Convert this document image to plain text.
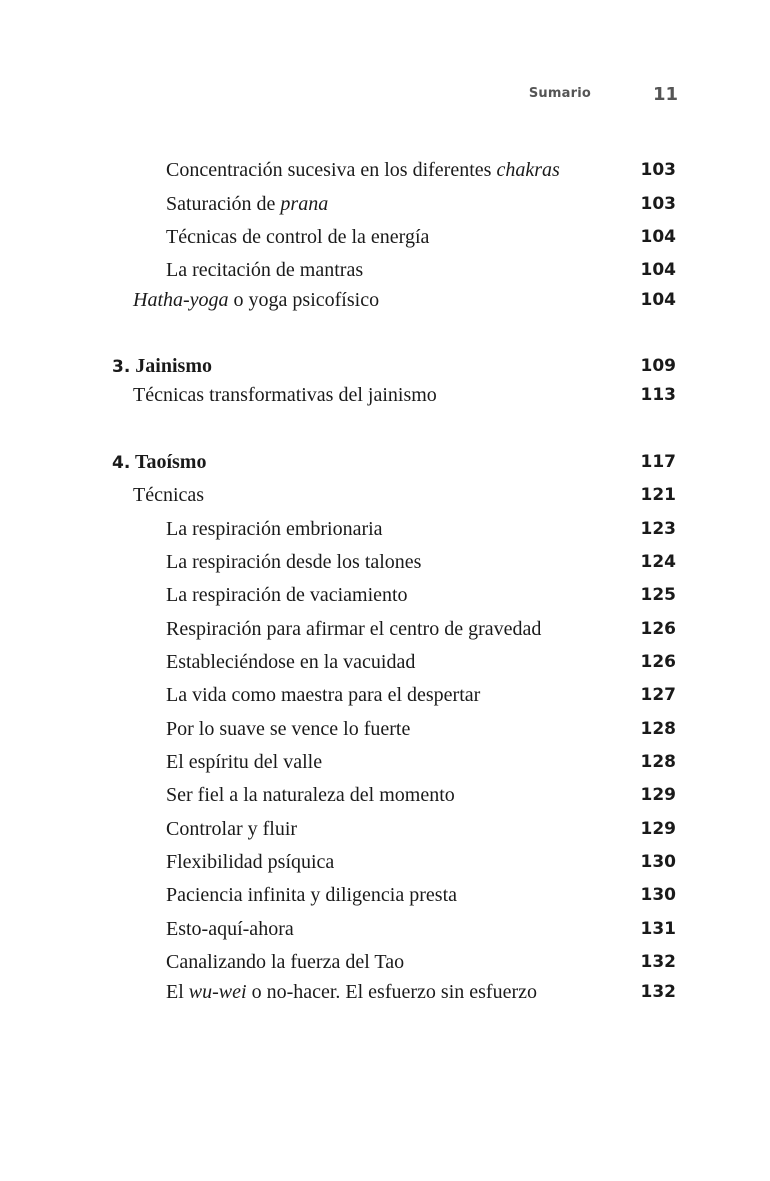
Sumario	11
Concentración sucesiva en los diferentes chakras	103
Saturación de prana	103
Técnicas de control de la energía	104
La recitación de mantras	104
Hatha-yoga o yoga psicofísico	104
3. Jainismo	109
Técnicas transformativas del jainismo	113
4. Taoísmo	117
Técnicas	121
La respiración embrionaria	123
La respiración desde los talones	124
La respiración de vaciamiento	125
Respiración para afirmar el centro de gravedad	126
Estableciéndose en la vacuidad	126
La vida como maestra para el despertar	127
Por lo suave se vence lo fuerte	128
El espíritu del valle	128
Ser fiel a la naturaleza del momento	129
Controlar y fluir	129
Flexibilidad psíquica	130
Paciencia infinita y diligencia presta	130
Esto-aquí-ahora	131
Canalizando la fuerza del Tao	132
El wu-wei o no-hacer. El esfuerzo sin esfuerzo	132
